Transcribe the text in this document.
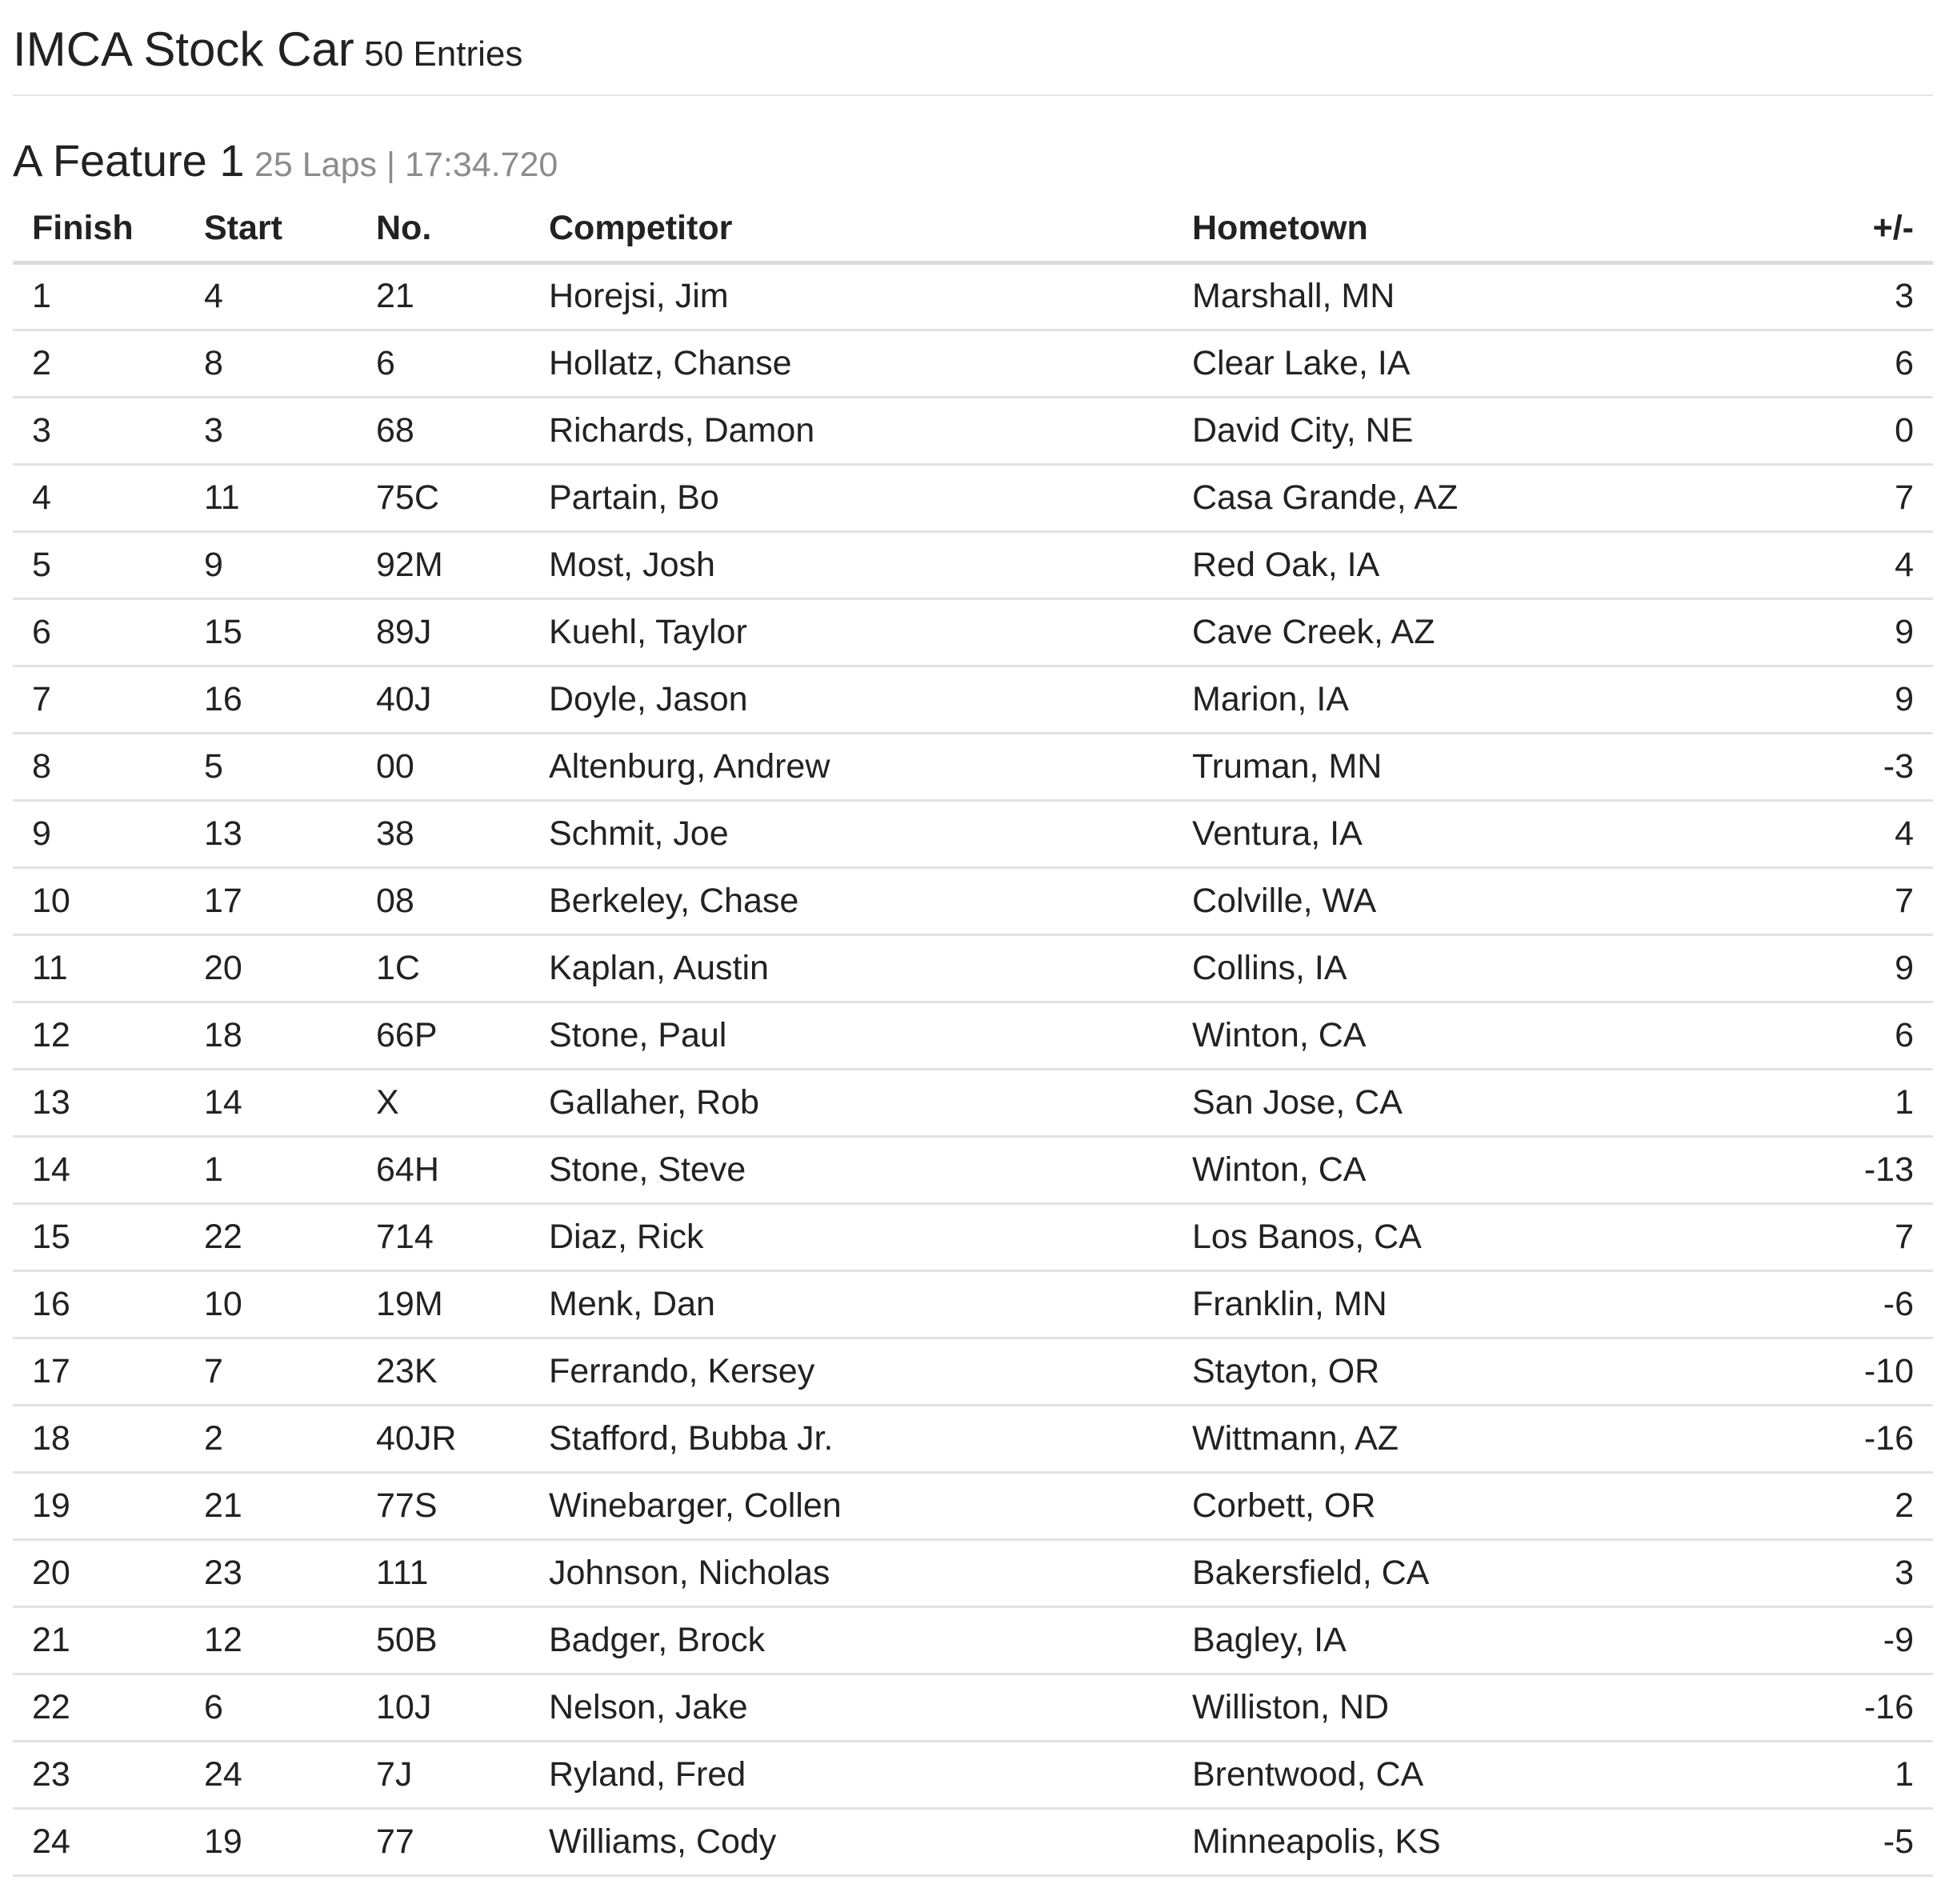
IMCA Stock Car 50 Entries
A Feature 1 25 Laps | 17:34.720
Finish	Start	No.	Competitor	Hometown	+/-
1	4	21	Horejsi, Jim	Marshall, MN	3
2	8	6	Hollatz, Chanse	Clear Lake, IA	6
3	3	68	Richards, Damon	David City, NE	0
4	11	75C	Partain, Bo	Casa Grande, AZ	7
5	9	92M	Most, Josh	Red Oak, IA	4
6	15	89J	Kuehl, Taylor	Cave Creek, AZ	9
7	16	40J	Doyle, Jason	Marion, IA	9
8	5	00	Altenburg, Andrew	Truman, MN	-3
9	13	38	Schmit, Joe	Ventura, IA	4
10	17	08	Berkeley, Chase	Colville, WA	7
11	20	1C	Kaplan, Austin	Collins, IA	9
12	18	66P	Stone, Paul	Winton, CA	6
13	14	X	Gallaher, Rob	San Jose, CA	1
14	1	64H	Stone, Steve	Winton, CA	-13
15	22	714	Diaz, Rick	Los Banos, CA	7
16	10	19M	Menk, Dan	Franklin, MN	-6
17	7	23K	Ferrando, Kersey	Stayton, OR	-10
18	2	40JR	Stafford, Bubba Jr.	Wittmann, AZ	-16
19	21	77S	Winebarger, Collen	Corbett, OR	2
20	23	111	Johnson, Nicholas	Bakersfield, CA	3
21	12	50B	Badger, Brock	Bagley, IA	-9
22	6	10J	Nelson, Jake	Williston, ND	-16
23	24	7J	Ryland, Fred	Brentwood, CA	1
24	19	77	Williams, Cody	Minneapolis, KS	-5
